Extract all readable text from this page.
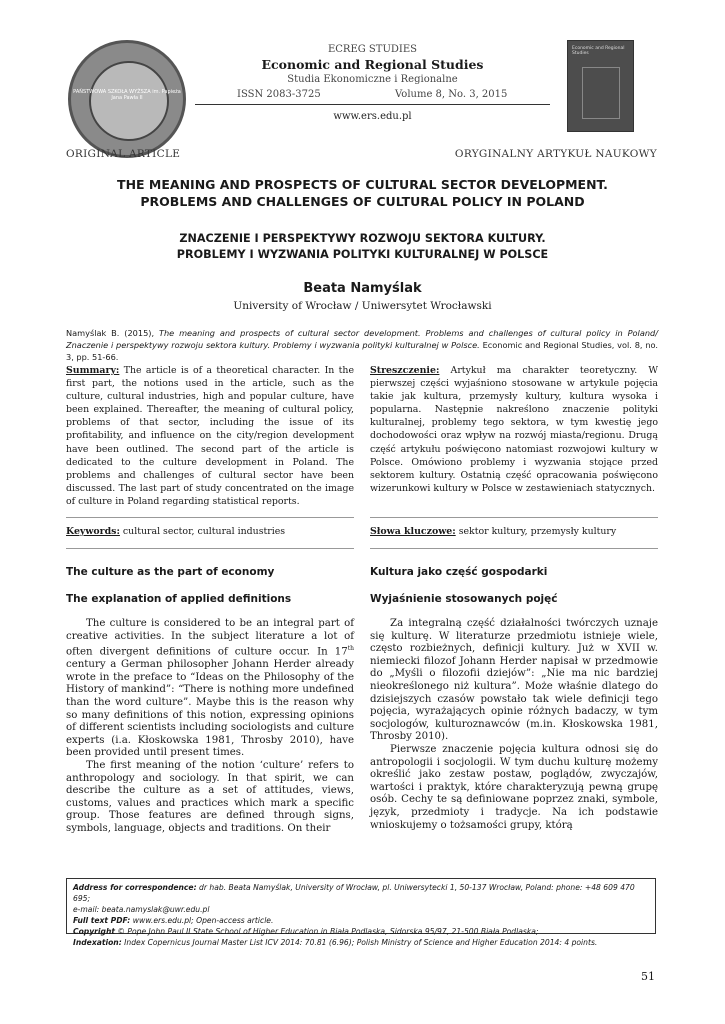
PAŃSTWOWA SZKOŁA WYŻSZA im. Papieża Jana Pawła II
ECREG STUDIES
Economic and Regional Studies
Studia Ekonomiczne i Regionalne
ISSN 2083-3725	Volume 8, No. 3, 2015
www.ers.edu.pl
Economic and Regional Studies
ORIGINAL ARTICLE	ORYGINALNY ARTYKUŁ NAUKOWY
THE MEANING AND PROSPECTS OF CULTURAL SECTOR DEVELOPMENT.
PROBLEMS AND CHALLENGES OF CULTURAL POLICY IN POLAND
ZNACZENIE I PERSPEKTYWY ROZWOJU SEKTORA KULTURY.
PROBLEMY I WYZWANIA POLITYKI KULTURALNEJ W POLSCE
Beata Namyślak
University of Wrocław / Uniwersytet Wrocławski
Namyślak B. (2015), The meaning and prospects of cultural sector development. Problems and challenges of cultural policy in Poland/ Znaczenie i perspektywy rozwoju sektora kultury. Problemy i wyzwania polityki kulturalnej w Polsce. Economic and Regional Studies, vol. 8, no. 3, pp. 51-66.
Summary: The article is of a theoretical character. In the first part, the notions used in the article, such as the culture, cultural industries, high and popular culture, have been explained. Thereafter, the meaning of cultural policy, problems of that sector, including the issue of its profitability, and influence on the city/region development have been outlined. The second part of the article is dedicated to the culture development in Poland. The problems and challenges of cultural sector have been discussed. The last part of study concentrated on the image of culture in Poland regarding statistical reports.
Streszczenie: Artykuł ma charakter teoretyczny. W pierwszej części wyjaśniono stosowane w artykule pojęcia takie jak kultura, przemysły kultury, kultura wysoka i popularna. Następnie nakreślono znaczenie polityki kulturalnej, problemy tego sektora, w tym kwestię jego dochodowości oraz wpływ na rozwój miasta/regionu. Drugą część artykułu poświęcono natomiast rozwojowi kultury w Polsce. Omówiono problemy i wyzwania stojące przed sektorem kultury. Ostatnią część opracowania poświęcono wizerunkowi kultury w Polsce w zestawieniach statycznych.
Keywords: cultural sector, cultural industries	Słowa kluczowe: sektor kultury, przemysły kultury
The culture as the part of economy
The explanation of applied definitions
Kultura jako część gospodarki
Wyjaśnienie stosowanych pojęć

The culture is considered to be an integral part of creative activities. In the subject literature a lot of often divergent definitions of culture occur. In 17th century a German philosopher Johann Herder already wrote in the preface to “Ideas on the Philosophy of the History of mankind”: “There is nothing more undefined than the word culture”. Maybe this is the reason why so many definitions of this notion, expressing opinions of different scientists including sociologists and culture experts (i.a. Kłoskowska 1981, Throsby 2010), have been provided until present times.

The first meaning of the notion ‘culture’ refers to anthropology and sociology. In that spirit, we can describe the culture as a set of attitudes, views, customs, values and practices which mark a specific group. Those features are defined through signs, symbols, language, objects and traditions. On their

Za integralną część działalności twórczych uznaje się kulturę. W literaturze przedmiotu istnieje wiele, często rozbieżnych, definicji kultury. Już w XVII w. niemiecki filozof Johann Herder napisał w przedmowie do „Myśli o filozofii dziejów”: „Nie ma nic bardziej nieokreślonego niż kultura”. Może właśnie dlatego do dzisiejszych czasów powstało tak wiele definicji tego pojęcia, wyrażających opinie różnych badaczy, w tym socjologów, kulturoznawców (m.in. Kłoskowska 1981, Throsby 2010).

Pierwsze znaczenie pojęcia kultura odnosi się do antropologii i socjologii. W tym duchu kulturę możemy określić jako zestaw postaw, poglądów, zwyczajów, wartości i praktyk, które charakteryzują pewną grupę osób. Cechy te są definiowane poprzez znaki, symbole, język, przedmioty i tradycje. Na ich podstawie wnioskujemy o tożsamości grupy, którą

Address for correspondence: dr hab. Beata Namyślak, University of Wrocław, pl. Uniwersytecki 1, 50-137 Wrocław, Poland: phone: +48 609 470 695;
e-mail: beata.namyslak@uwr.edu.pl
Full text PDF: www.ers.edu.pl; Open-access article.
Copyright © Pope John Paul II State School of Higher Education in Biała Podlaska, Sidorska 95/97, 21-500 Biała Podlaska;
Indexation: Index Copernicus Journal Master List ICV 2014: 70.81 (6.96); Polish Ministry of Science and Higher Education 2014: 4 points.
51
